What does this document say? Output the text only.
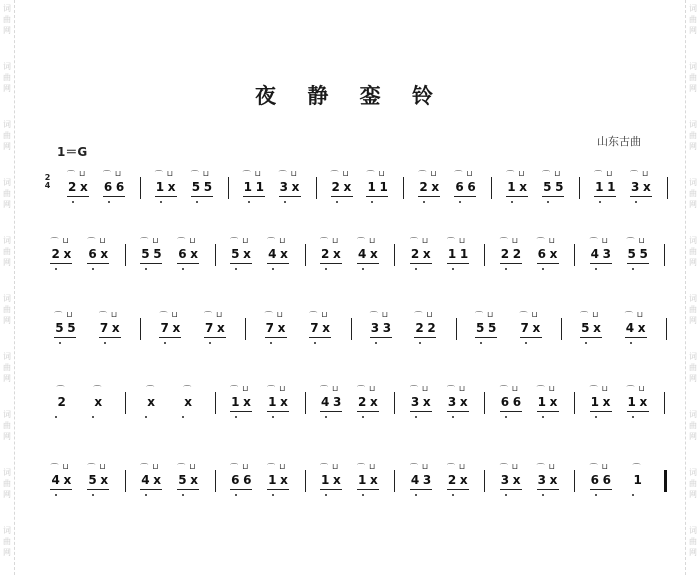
词
曲
网
词
曲
网
词
曲
网
词
曲
网
词
曲
网
词
曲
网
词
曲
网
词
曲
网
词
曲
网
词
曲
网
词
曲
网
词
曲
网
词
曲
网
词
曲
网
词
曲
网
词
曲
网
词
曲
网
词
曲
网
词
曲
网
词
曲
网
夜 静 銮 铃
1＝G
山东古曲
2
4 2
⌒
x
⊔
6
⌒
6
⊔
1
⌒
x
⊔
5
⌒
5
⊔
1
⌒
1
⊔
3
⌒
x
⊔
2
⌒
x
⊔
1
⌒
1
⊔
2
⌒
x
⊔
6
⌒
6
⊔
1
⌒
x
⊔
5
⌒
5
⊔
1
⌒
1
⊔
3
⌒
x
⊔
2
⌒
x
⊔
6
⌒
x
⊔
5
⌒
5
⊔
6
⌒
x
⊔
5
⌒
x
⊔
4
⌒
x
⊔
2
⌒
x
⊔
4
⌒
x
⊔
2
⌒
x
⊔
1
⌒
1
⊔
2
⌒
2
⊔
6
⌒
x
⊔
4
⌒
3
⊔
5
⌒
5
⊔
5
⌒
5
⊔
7
⌒
x
⊔
7
⌒
x
⊔
7
⌒
x
⊔
7
⌒
x
⊔
7
⌒
x
⊔
3
⌒
3
⊔
2
⌒
2
⊔
5
⌒
5
⊔
7
⌒
x
⊔
5
⌒
x
⊔
4
⌒
x
⊔
2
⌒
x
⌒
x
⌒
x
⌒
1
⌒
x
⊔
1
⌒
x
⊔
4
⌒
3
⊔
2
⌒
x
⊔
3
⌒
x
⊔
3
⌒
x
⊔
6
⌒
6
⊔
1
⌒
x
⊔
1
⌒
x
⊔
1
⌒
x
⊔
4
⌒
x
⊔
5
⌒
x
⊔
4
⌒
x
⊔
5
⌒
x
⊔
6
⌒
6
⊔
1
⌒
x
⊔
1
⌒
x
⊔
1
⌒
x
⊔
4
⌒
3
⊔
2
⌒
x
⊔
3
⌒
x
⊔
3
⌒
x
⊔
6
⌒
6
⊔
1
⌒
